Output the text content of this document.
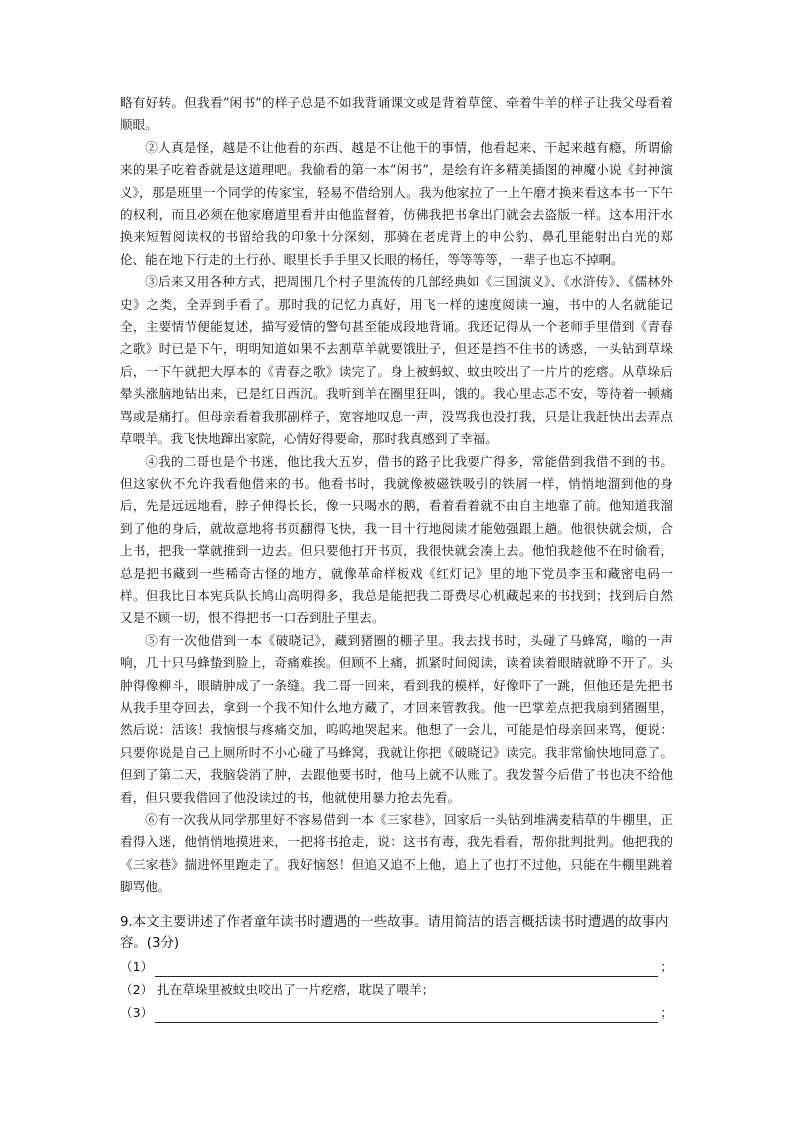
略有好转。但我看“闲书”的样子总是不如我背诵课文或是背着草筐、牵着牛羊的样子让我父母看着顺眼。

②人真是怪，越是不让他看的东西、越是不让他干的事情，他看起来、干起来越有瘾，所谓偷来的果子吃着香就是这道理吧。我偷看的第一本“闲书”，是绘有许多精美插图的神魔小说《封神演义》，那是班里一个同学的传家宝，轻易不借给别人。我为他家拉了一上午磨才换来看这本书一下午的权利，而且必须在他家磨道里看并由他监督着，仿佛我把书拿出门就会去盗版一样。这本用汗水换来短暂阅读权的书留给我的印象十分深刻，那骑在老虎背上的申公豹、鼻孔里能射出白光的郑伦、能在地下行走的土行孙、眼里长手手里又长眼的杨任，等等等等，一辈子也忘不掉啊。

③后来又用各种方式，把周围几个村子里流传的几部经典如《三国演义》、《水浒传》、《儒林外史》之类，全弄到手看了。那时我的记忆力真好，用飞一样的速度阅读一遍，书中的人名就能记全，主要情节便能复述，描写爱情的警句甚至能成段地背诵。我还记得从一个老师手里借到《青春之歌》时已是下午，明明知道如果不去割草羊就要饿肚子，但还是挡不住书的诱惑，一头钻到草垛后，一下午就把大厚本的《青春之歌》读完了。身上被蚂蚁、蚊虫咬出了一片片的疙瘩。从草垛后晕头涨脑地钻出来，已是红日西沉。我听到羊在圈里狂叫，饿的。我心里忐忑不安，等待着一顿痛骂或是痛打。但母亲看着我那副样子，宽容地叹息一声，没骂我也没打我，只是让我赶快出去弄点草喂羊。我飞快地蹿出家院，心情好得要命，那时我真感到了幸福。

④我的二哥也是个书迷，他比我大五岁，借书的路子比我要广得多，常能借到我借不到的书。但这家伙不允许我看他借来的书。他看书时，我就像被磁铁吸引的铁屑一样，悄悄地溜到他的身后，先是远远地看，脖子伸得长长，像一只喝水的鹅，看着看着就不由自主地靠了前。他知道我溜到了他的身后，就故意地将书页翻得飞快，我一目十行地阅读才能勉强跟上趟。他很快就会烦，合上书，把我一掌就推到一边去。但只要他打开书页，我很快就会凑上去。他怕我趁他不在时偷看，总是把书藏到一些稀奇古怪的地方，就像革命样板戏《红灯记》里的地下党员李玉和藏密电码一样。但我比日本宪兵队长鸠山高明得多，我总是能把我二哥费尽心机藏起来的书找到；找到后自然又是不顾一切，恨不得把书一口吞到肚子里去。

⑤有一次他借到一本《破晓记》，藏到猪圈的棚子里。我去找书时，头碰了马蜂窝，嗡的一声响，几十只马蜂蛰到脸上，奇痛难挨。但顾不上痛，抓紧时间阅读，读着读着眼睛就睁不开了。头肿得像柳斗，眼睛肿成了一条缝。我二哥一回来，看到我的模样，好像吓了一跳，但他还是先把书从我手里夺回去，拿到一个我不知什么地方藏了，才回来管教我。他一巴掌差点把我扇到猪圈里，然后说：活该！我恼恨与疼痛交加，呜呜地哭起来。他想了一会儿，可能是怕母亲回来骂，便说：只要你说是自己上厕所时不小心碰了马蜂窝，我就让你把《破晓记》读完。我非常愉快地同意了。但到了第二天，我脑袋消了肿，去跟他要书时，他马上就不认账了。我发誓今后借了书也决不给他看，但只要我借回了他没读过的书，他就使用暴力抢去先看。

⑥有一次我从同学那里好不容易借到一本《三家巷》，回家后一头钻到堆满麦秸草的牛棚里，正看得入迷，他悄悄地摸进来，一把将书抢走，说：这书有毒，我先看看，帮你批判批判。他把我的《三家巷》揣进怀里跑走了。我好恼怒！但追又追不上他，追上了也打不过他，只能在牛棚里跳着脚骂他。

9.本文主要讲述了作者童年读书时遭遇的一些故事。请用简洁的语言概括读书时遭遇的故事内容。(3分)

（1）	；
（2） 扎在草垛里被蚊虫咬出了一片疙瘩，耽误了喂羊；
（3）	；
